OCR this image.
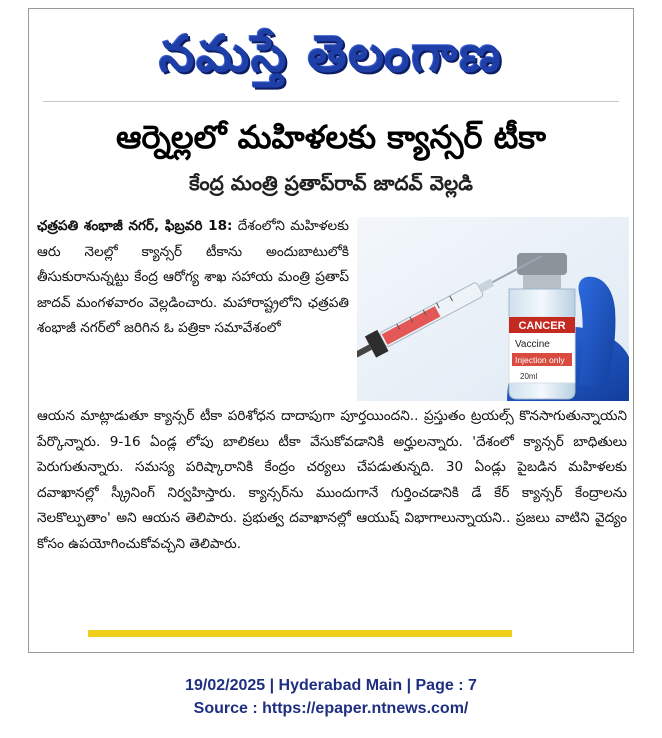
నమస్తే తెలంగాణ
ఆర్నెల్లలో మహిళలకు క్యాన్సర్ టీకా
కేంద్ర మంత్రి ప్రతాప్‌రావ్ జాదవ్ వెల్లడి
ఛత్రపతి శంభాజీ నగర్, ఫిబ్రవరి 18: దేశంలోని మహిళలకు ఆరు నెలల్లో క్యాన్సర్ టీకాను అందుబాటులోకి తీసుకురానున్నట్టు కేంద్ర ఆరోగ్య శాఖ సహాయ మంత్రి ప్రతాప్ జాదవ్ మంగళవారం వెల్లడించారు. మహారాష్ట్రలోని ఛత్రపతి శంభాజీ నగర్‌లో జరిగిన ఓ పత్రికా సమావేశంలో	CANCER
Vaccine
Injection only
20ml
ఆయన మాట్లాడుతూ క్యాన్సర్ టీకా పరిశోధన దాదాపుగా పూర్తయిందని.. ప్రస్తుతం ట్రయల్స్ కొనసాగుతున్నాయని పేర్కొన్నారు. 9-16 ఏండ్ల లోపు బాలికలు టీకా వేసుకోవడానికి అర్హులన్నారు. 'దేశంలో క్యాన్సర్ బాధితులు పెరుగుతున్నారు. సమస్య పరిష్కారానికి కేంద్రం చర్యలు చేపడుతున్నది. 30 ఏండ్లు పైబడిన మహిళలకు దవాఖానల్లో స్క్రీనింగ్ నిర్వహిస్తారు. క్యాన్సర్‌ను ముందుగానే గుర్తించడానికి డే కేర్ క్యాన్సర్ కేంద్రాలను నెలకొల్పుతాం' అని ఆయన తెలిపారు. ప్రభుత్వ దవాఖానల్లో ఆయుష్ విభాగాలున్నాయని.. ప్రజలు వాటిని వైద్యం కోసం ఉపయోగించుకోవచ్చని తెలిపారు.
19/02/2025 | Hyderabad Main | Page : 7
Source : https://epaper.ntnews.com/
